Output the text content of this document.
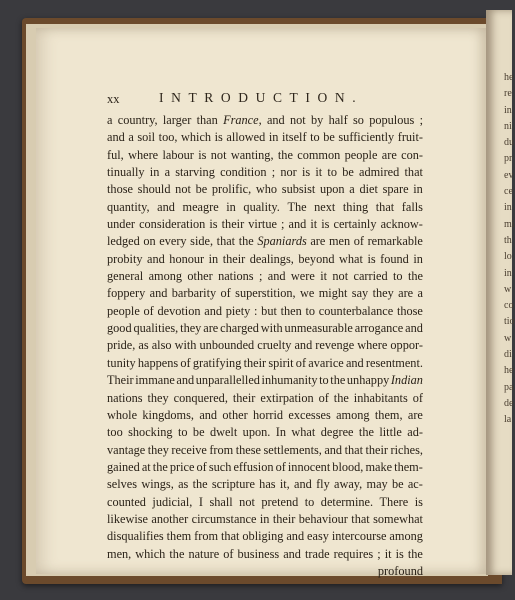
he
re
in
ni
du
pr
ev
ce
in
mi
th
lo
in
w
co
tio
w
di
he
pa
de
la
xx	INTRODUCTION.
a country, larger than France, and not by half so populous ;
and a soil too, which is allowed in itself to be sufficiently fruit-
ful, where labour is not wanting, the common people are con-
tinually in a starving condition ; nor is it to be admired that
those should not be prolific, who subsist upon a diet spare in
quantity, and meagre in quality. The next thing that falls
under consideration is their virtue ; and it is certainly acknow-
ledged on every side, that the Spaniards are men of remarkable
probity and honour in their dealings, beyond what is found in
general among other nations ; and were it not carried to the
foppery and barbarity of superstition, we might say they are a
people of devotion and piety : but then to counterbalance those
good qualities, they are charged with unmeasurable arrogance and
pride, as also with unbounded cruelty and revenge where oppor-
tunity happens of gratifying their spirit of avarice and resentment.
Their immane and unparallelled inhumanity to the unhappy Indian
nations they conquered, their extirpation of the inhabitants of
whole kingdoms, and other horrid excesses among them, are
too shocking to be dwelt upon. In what degree the little ad-
vantage they receive from these settlements, and that their riches,
gained at the price of such effusion of innocent blood, make them-
selves wings, as the scripture has it, and fly away, may be ac-
counted judicial, I shall not pretend to determine. There is
likewise another circumstance in their behaviour that somewhat
disqualifies them from that obliging and easy intercourse among
men, which the nature of business and trade requires ; it is the
profound
